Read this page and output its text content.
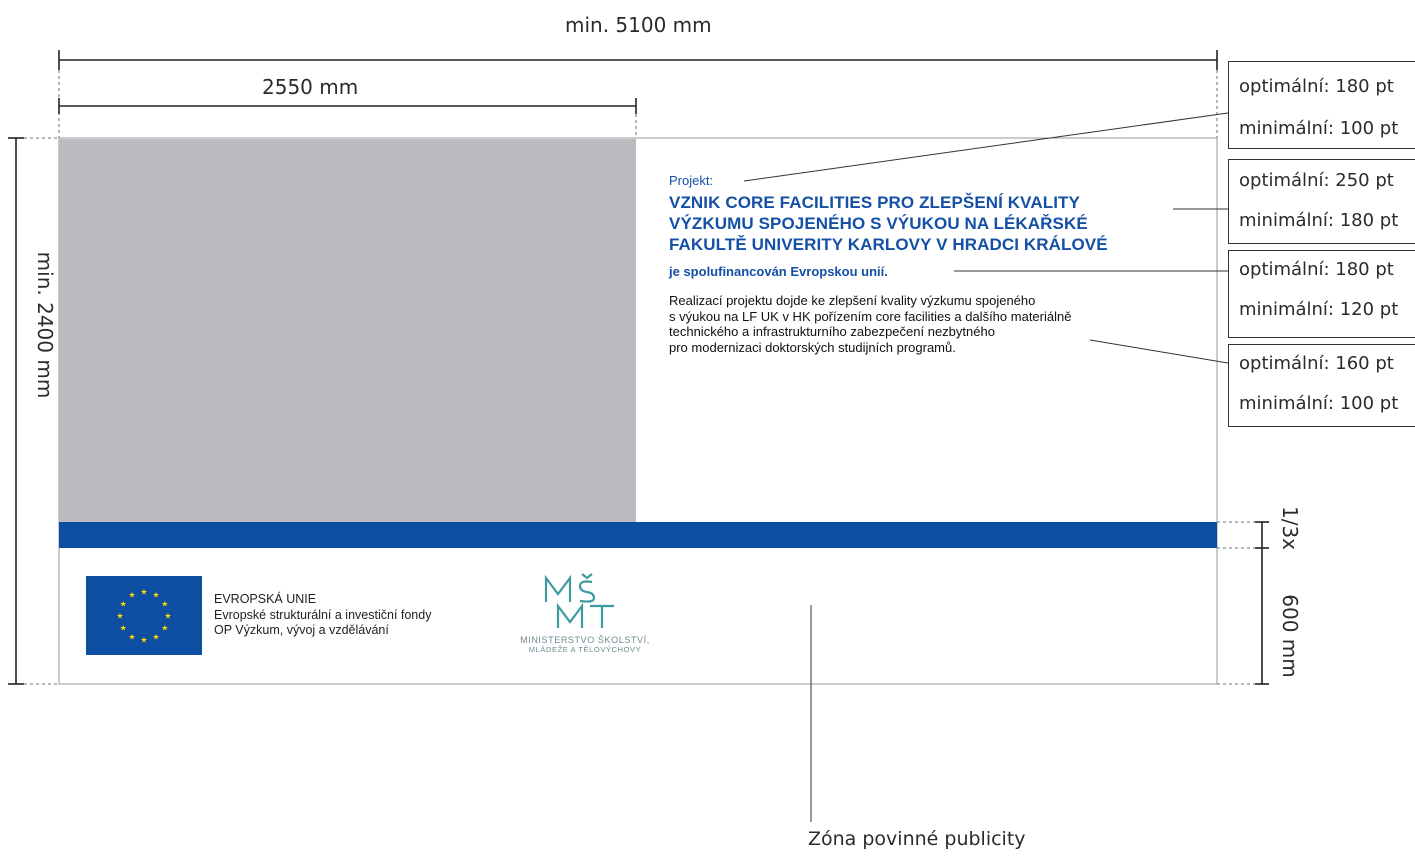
min. 5100 mm
2550 mm
min. 2400 mm
1/3x
600 mm
Projekt:
VZNIK CORE FACILITIES PRO ZLEPŠENÍ KVALITY
VÝZKUMU SPOJENÉHO S VÝUKOU NA LÉKAŘSKÉ
FAKULTĚ UNIVERITY KARLOVY V HRADCI KRÁLOVÉ
je spolufinancován Evropskou unií.
Realizací projektu dojde ke zlepšení kvality výzkumu spojeného
s výukou na LF UK v HK pořízením core facilities a dalšího materiálně
technického a infrastrukturního zabezpečení nezbytného
pro modernizaci doktorských studijních programů.
★ ★
★
★
★
★
★
★
★
★
★
★	EVROPSKÁ UNIE
Evropské strukturální a investiční fondy
OP Výzkum, vývoj a vzdělávání
MINISTERSTVO ŠKOLSTVÍ,
MLÁDEŽE A TĚLOVÝCHOVY
optimální: 180 pt
minimální: 100 pt
optimální: 250 pt
minimální: 180 pt
optimální: 180 pt
minimální: 120 pt
optimální: 160 pt
minimální: 100 pt
Zóna povinné publicity
